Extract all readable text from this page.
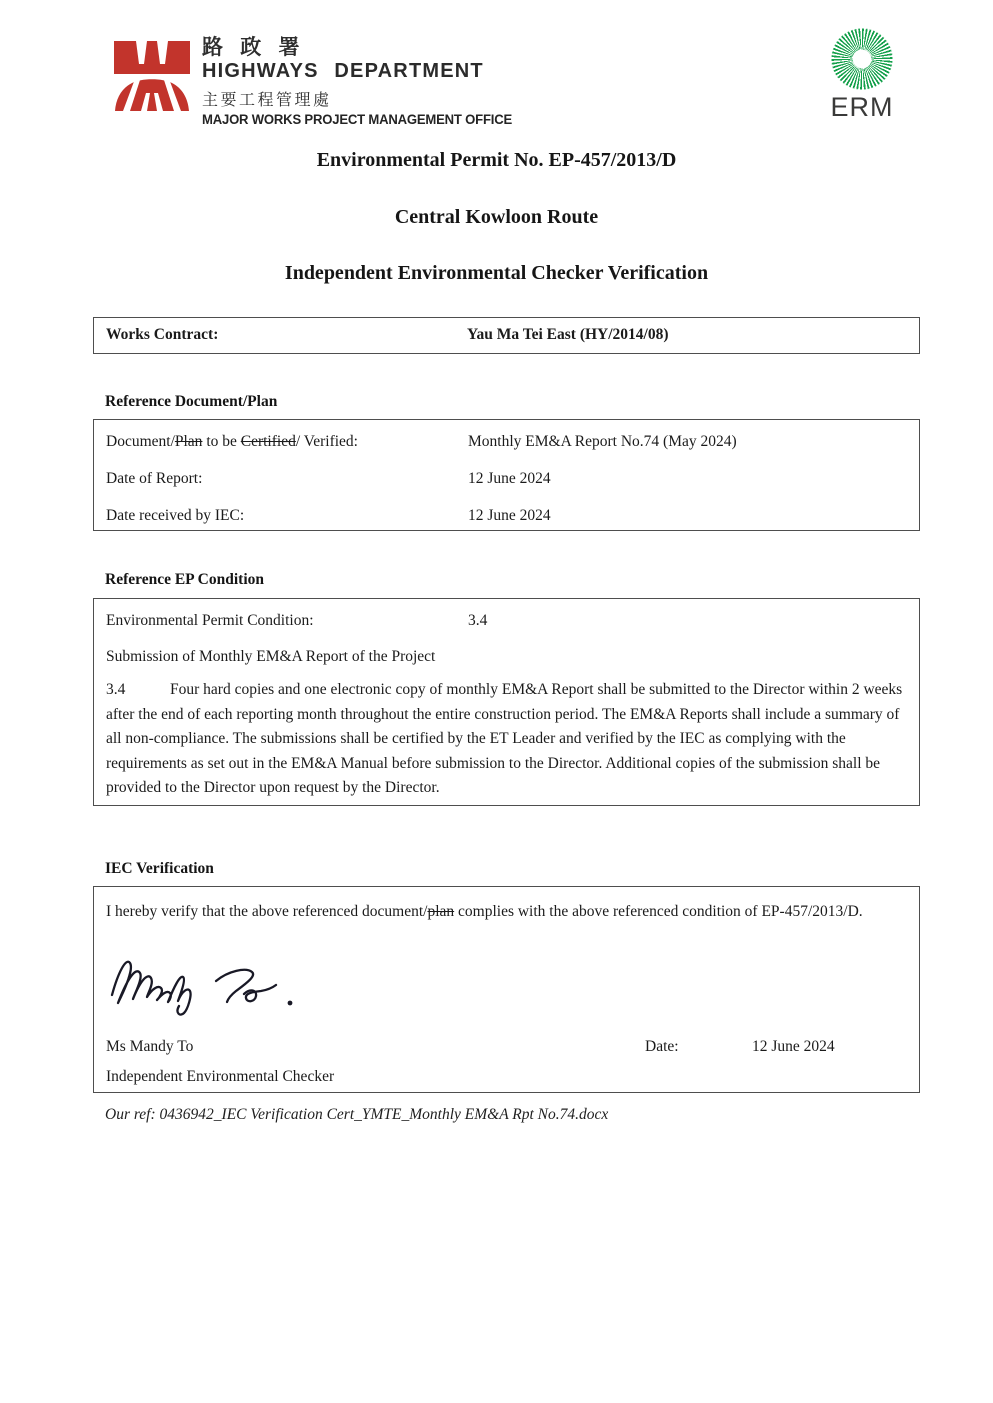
路 政 署
HIGHWAYS DEPARTMENT
主要工程管理處
MAJOR WORKS PROJECT MANAGEMENT OFFICE	ERM
Environmental Permit No. EP-457/2013/D
Central Kowloon Route
Independent Environmental Checker Verification
Works Contract:	Yau Ma Tei East (HY/2014/08)
Reference Document/Plan
Document/Plan to be Certified/ Verified:	Monthly EM&A Report No.74 (May 2024)
Date of Report:	12 June 2024
Date received by IEC:	12 June 2024
Reference EP Condition
Environmental Permit Condition:	3.4
Submission of Monthly EM&A Report of the Project

3.4	Four hard copies and one electronic copy of monthly EM&A Report shall be submitted to the Director within 2 weeks after the end of each reporting month throughout the entire construction period. The EM&A Reports shall include a summary of all non-compliance. The submissions shall be certified by the ET Leader and verified by the IEC as complying with the requirements as set out in the EM&A Manual before submission to the Director. Additional copies of the submission shall be provided to the Director upon request by the Director.

IEC Verification

I hereby verify that the above referenced document/plan complies with the above referenced condition of EP-457/2013/D.

Ms Mandy To	Date:	12 June 2024
Independent Environmental Checker
Our ref: 0436942_IEC Verification Cert_YMTE_Monthly EM&A Rpt No.74.docx
